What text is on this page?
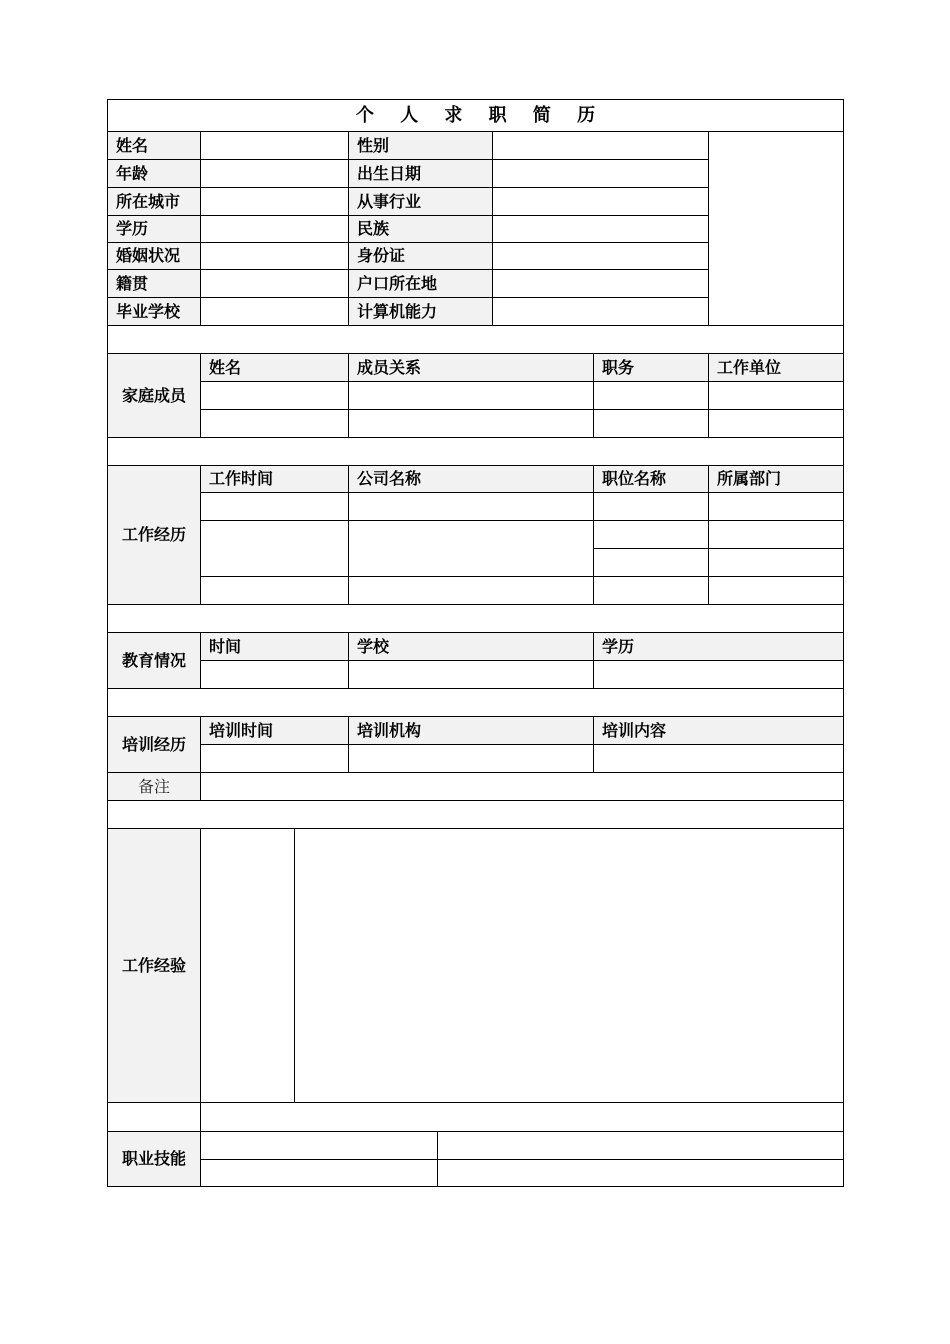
个 人 求 职 简 历
姓名	性别
年龄	出生日期
所在城市	从事行业
学历	民族
婚姻状况	身份证
籍贯	户口所在地
毕业学校	计算机能力
家庭成员
姓名	成员关系	职务	工作单位
工作经历
工作时间	公司名称	职位名称	所属部门
教育情况
时间	学校	学历
培训经历
培训时间	培训机构	培训内容
备注
工作经验
职业技能
